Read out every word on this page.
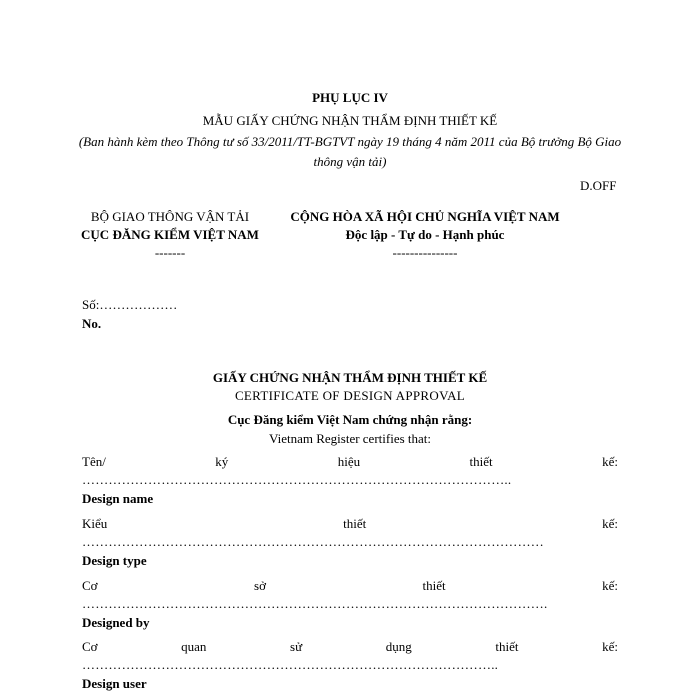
PHỤ LỤC IV
MẪU GIẤY CHỨNG NHẬN THẨM ĐỊNH THIẾT KẾ
(Ban hành kèm theo Thông tư số 33/2011/TT-BGTVT ngày 19 tháng 4 năm 2011 của Bộ trưởng Bộ Giao thông vận tải)
D.OFF
BỘ GIAO THÔNG VẬN TẢI
CỤC ĐĂNG KIỂM VIỆT NAM
-------
CỘNG HÒA XÃ HỘI CHỦ NGHĨA VIỆT NAM
Độc lập - Tự do - Hạnh phúc
---------------
Số:………………
No.
GIẤY CHỨNG NHẬN THẨM ĐỊNH THIẾT KẾ
CERTIFICATE OF DESIGN APPROVAL
Cục Đăng kiểm Việt Nam chứng nhận rằng:
Vietnam Register certifies that:
Tên/	ký	hiệu	thiết	kế:
……………………………………………………………………………………..
Design name
Kiểu	thiết	kế:
……………………………………………………………………………………………
Design type
Cơ	sở	thiết	kế:
…………………………………………………………………………………………….
Designed by
Cơ	quan	sử	dụng	thiết	kế:
…………………………………………………………………………………..
Design user
